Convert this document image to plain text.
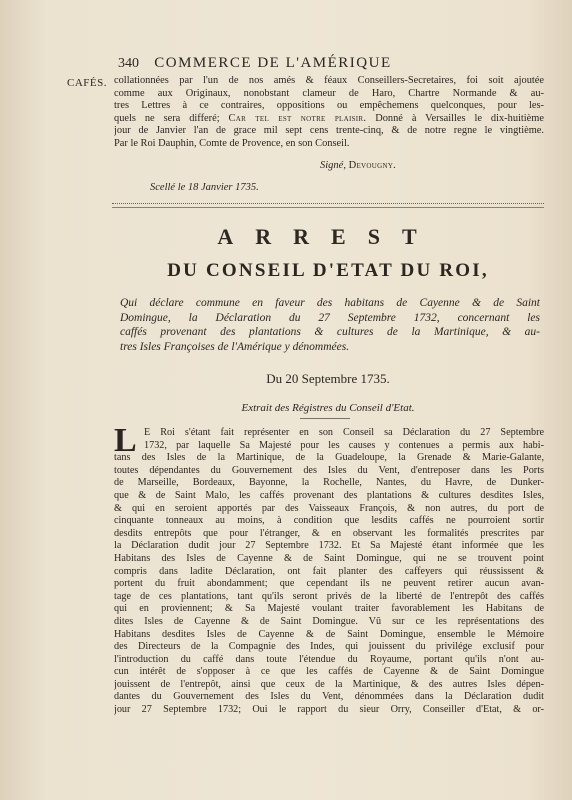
340 COMMERCE DE L'AMÉRIQUE
CAFÉS. collationnées par l'un de nos amés & féaux Conseillers-Secretaires, foi soit ajoutée
comme aux Originaux, nonobstant clameur de Haro, Chartre Normande & au-
tres Lettres à ce contraires, oppositions ou empêchemens quelconques, pour les-
quels ne sera differé; Car tel est notre plaisir. Donné à Versailles le dix-huitième
jour de Janvier l'an de grace mil sept cens trente-cinq, & de notre regne le vingtième.
Par le Roi Dauphin, Comte de Provence, en son Conseil.
Signé, Devougny.
Scellé le 18 Janvier 1735.
ARREST
DU CONSEIL D'ETAT DU ROI,
Qui déclare commune en faveur des habitans de Cayenne & de Saint
Domingue, la Déclaration du 27 Septembre 1732, concernant les
caffés provenant des plantations & cultures de la Martinique, & au-
tres Isles Françoises de l'Amérique y dénommées.
Du 20 Septembre 1735.
Extrait des Régistres du Conseil d'Etat.
L E Roi s'étant fait représenter en son Conseil sa Déclaration du 27 Septembre
1732, par laquelle Sa Majesté pour les causes y contenues a permis aux habi-
tans des Isles de la Martinique, de la Guadeloupe, la Grenade & Marie-Galante,
toutes dépendantes du Gouvernement des Isles du Vent, d'entreposer dans les Ports
de Marseille, Bordeaux, Bayonne, la Rochelle, Nantes, du Havre, de Dunker-
que & de Saint Malo, les caffés provenant des plantations & cultures desdites Isles,
& qui en seroient apportés par des Vaisseaux François, & non autres, du port de
cinquante tonneaux au moins, à condition que lesdits caffés ne pourroient sortir
desdits entrepôts que pour l'étranger, & en observant les formalités prescrites par
la Déclaration dudit jour 27 Septembre 1732. Et Sa Majesté étant informée que les
Habitans des Isles de Cayenne & de Saint Domingue, qui ne se trouvent point
compris dans ladite Déclaration, ont fait planter des caffeyers qui réussissent &
portent du fruit abondamment; que cependant ils ne peuvent retirer aucun avan-
tage de ces plantations, tant qu'ils seront privés de la liberté de l'entrepôt des caffés
qui en proviennent; & Sa Majesté voulant traiter favorablement les Habitans de
dites Isles de Cayenne & de Saint Domingue. Vû sur ce les représentations des
Habitans desdites Isles de Cayenne & de Saint Domingue, ensemble le Mémoire
des Directeurs de la Compagnie des Indes, qui jouissent du privilége exclusif pour
l'introduction du caffé dans toute l'étendue du Royaume, portant qu'ils n'ont au-
cun intérêt de s'opposer à ce que les caffés de Cayenne & de Saint Domingue
jouissent de l'entrepôt, ainsi que ceux de la Martinique, & des autres Isles dépen-
dantes du Gouvernement des Isles du Vent, dénommées dans la Déclaration dudit
jour 27 Septembre 1732; Oui le rapport du sieur Orry, Conseiller d'Etat, & or-
